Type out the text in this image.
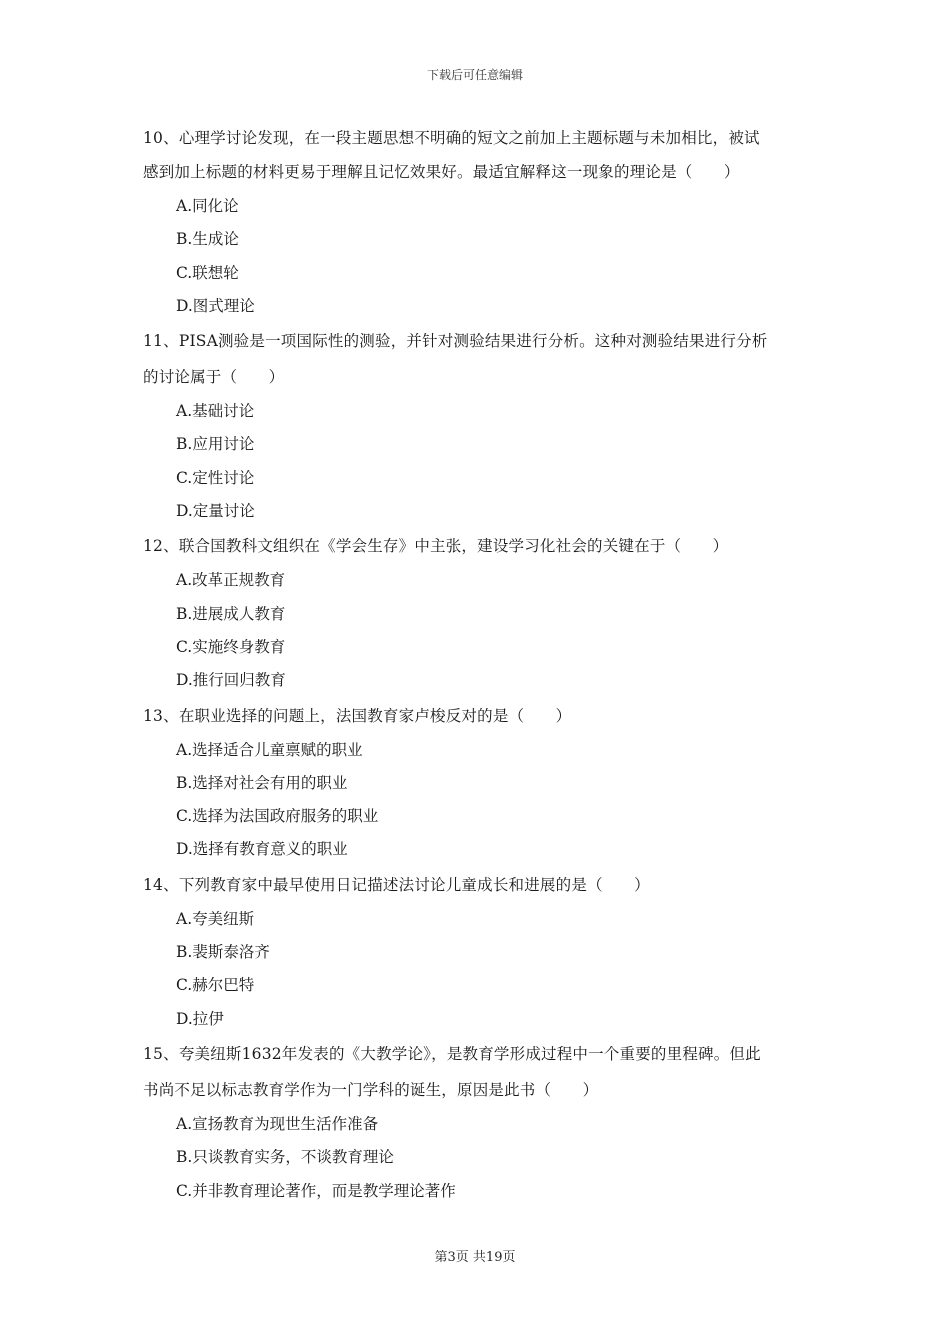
下载后可任意编辑
10、心理学讨论发现，在一段主题思想不明确的短文之前加上主题标题与未加相比，被试
感到加上标题的材料更易于理解且记忆效果好。最适宜解释这一现象的理论是（　　）
A.同化论
B.生成论
C.联想轮
D.图式理论
11、PISA测验是一项国际性的测验，并针对测验结果进行分析。这种对测验结果进行分析
的讨论属于（　　）
A.基础讨论
B.应用讨论
C.定性讨论
D.定量讨论
12、联合国教科文组织在《学会生存》中主张，建设学习化社会的关键在于（　　）
A.改革正规教育
B.进展成人教育
C.实施终身教育
D.推行回归教育
13、在职业选择的问题上，法国教育家卢梭反对的是（　　）
A.选择适合儿童禀赋的职业
B.选择对社会有用的职业
C.选择为法国政府服务的职业
D.选择有教育意义的职业
14、下列教育家中最早使用日记描述法讨论儿童成长和进展的是（　　）
A.夸美纽斯
B.裴斯泰洛齐
C.赫尔巴特
D.拉伊
15、夸美纽斯1632年发表的《大教学论》，是教育学形成过程中一个重要的里程碑。但此
书尚不足以标志教育学作为一门学科的诞生，原因是此书（　　）
A.宣扬教育为现世生活作准备
B.只谈教育实务，不谈教育理论
C.并非教育理论著作，而是教学理论著作
第3页 共19页
